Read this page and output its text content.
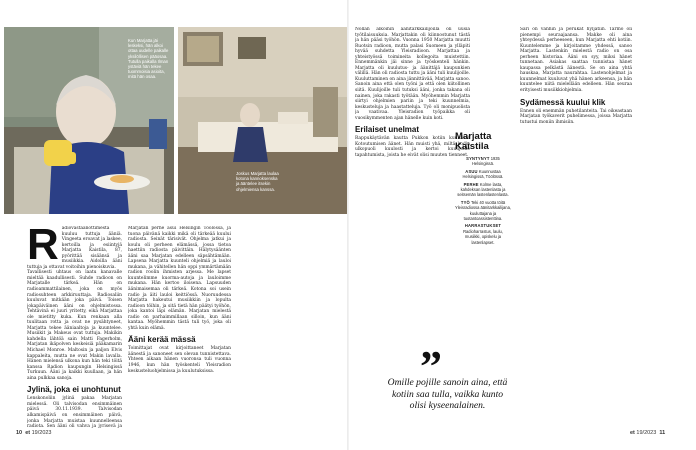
Kun Marjatta jäi leskeksi, hän alkoi ottaa uudelle paikalle yksilöllisen pääosaa. Tutulla paikalla Ilman ystäviä hän tekee tuommoisia asioita, mitä hän osaa.
Joskus Marjatta laulaa kotona kannoksenska ja ääntelee itsekin ohjelmiensa kanssa.
R adiovastaanottimesta kuuluu tuttuja ääniä. Vingeeta eroavat ja laskee, kertoilla ja esiintyjä Marjatta Kaistila, 87, pyörittää sisäänsä ja musiikkia. Aidoilla ääni tuttuja ja ottavat voitoihin pienoiskuvia.

Tavallisesti uhtaus on laatu kanavalle mieltää kaadullisesti. Suhde radioon on Marjatalle tärkeä. Hän on radioammattilainen, joka on myös radiosuhteen arkkiruuttaja. Radiosaliin kuuluvat mitkään joka päivä. Toisen jokapäiväinen ääni on ohjelmistossa. Tehtävinä ei juuri yritetty, eikä Marjattaa ole mietitty kuka. Kun renkaan alla tuulitaan rotta ja ovat ne pysähtyneet, Marjatta tekee ääniaaltoja ja kuuntelee. Musiikit ja Makeus ovat tuttuja. Makikin kahdella lähtöä sain Matti Fagerholm, Marjatan ikäpolven keskeisiä pääkamarin Michael Monroe. Maltosin ja paljon Elvis kappaleita, mutta ne ovat Makin lavalla. Hänen mielensä ulkona kun hän teki töitä kanssa Radion kaupungin Helsingissä Turkuun. Ääni ja kaikki kuullaan, ja hän aina pulkkaa sanoja.

Jylinä, joka ei unohtunut

Lenskonoliin jylinä pakaa Marjatan mielessä. Oli talvisodan ensimmäinen päivä 30.11.1939. Talvisodan alkamispäivä on ensimmäinen päivä, jonka Marjatta muistaa kuunnelleensa radiota. Sen ääni oli vahva ja jyrisevä ja

Marjatan perhe asui Helsingin Töölössä, ja tuona päivänä kaikki mikä oli tärkeää kuului radiosta. Seinät tärisivät. Ohjelma jatkui ja koulu oli perheen elämässä, jossa tietoa haettiin radiosta päivittäin. Hälytysäänten ääni saa Marjatan edelleen säpsähtämään. Lapsena Marjatta kuunteli ohjelmiä ja lauloi mukana, ja vähitellen hän oppi ymmärtämään radion roolin ihmisten arjessa. Me lapset kuuntelimme kuorma-autoja ja lauloimme mukana. Hän kertoo iloisena. Lapsuuden äänimaisemaa oli tärkeä. Kotona soi usein radio ja äiti lauloi keittiössä. Nuoruudessa Marjatta hakeutui musiikkiin ja lopulta radioon töihin, ja sitä tietä hän päätyi työhön, joka kantoi läpi elämän. Marjatan mielestä radio on parhaimmillaan silloin, kun ääni kantaa. Myöhemmin tästä tuli työ, joka oli yhtä kuin elämä.

Ääni kerää mässä

Toimittajat ovat kirjoittaneet Marjatan äänestä ja sanoneet sen olevan tunnistettava. Yhteen aikaan hänen vuoronsa tuli vuonna 1946, kun hän työskenteli Yleisradion keskusteluohjelmissa ja kuulutuksissa.

Nollan alkoihin äänitarkkailijoilla oli uusia työtilaisuuksia. Marjattakin oli kiinnostunut tästä ja hän pääsi työhön. Vuonna 1950 Marjatta muutti Ruotsin radioon, mutta palasi Suomeen ja ylläpiti hyvää suhdetta Yleisradioon. Marjattaa ja yhteistyössä toimineita kollegoita muistettiin. Ennemmänkin jäi sinne ja työskenteli hänkin. Marjatta oli kuulutus- ja äänittäjä kaupunkien välillä. Hän oli radiosta tuttu ja ääni tuli kuulijoille. Kuuluttaminen on aina jännittävää, Marjatta sanoo. Sanoin aina että olen työni ja että olen kiitollinen siitä. Kuulijoille tuli tutuksi ääni, jonka takana oli nainen, joka rakasti työtään. Myöhemmin Marjatta siirtyi ohjelmien pariin ja teki kuunnelmia, keskusteluja ja haastatteluja. Työ oli monipuolista ja vaativaa. Yleisradion työpaikka oli vuosikymmenten ajan hänelle kuin koti.

Erilaiset unelmat

Rappukäytävän kautta Pukkon kotiin kuuluivat Kotoutumisen äänet. Hän muisti yhä, miltä kodin ulkopuoli kuulosti ja kertoi kuulijoille tapahtumista, joista he eivät olisi muuten tienneet.

Marjatta Kaistila
SYNTYNYT 1935 Helsingissä.
ASUU Kuunnustaa Helsingissä, Töölössä.
PERHE Kolme lasta, kahdeksan lastenlasta ja seitsemän lastenlastenlasta.
TYÖ Teki 40 vuotta töitä Yleisradiossa äänitarkkailijana, kuuluttajana ja tuotantoassistenttina.
HARRASTUKSET Radioharrastus, laulu, musiikki, opiskelu ja lastenlapset.

Sari on vanhin ja perukat hyljätiin. Tarmo oli pienempi seuraajaansa. Makke oli aina yhteydessä perheeseen, kun Marjatta ehti kotiin. Kuuntelemme ja kirjoitamme yhdessä, sanoo Marjatta. Lastenkin mielestä radio on osa perheen historiaa. Ääni on syy, miksi hänet tunnetaan. Asiakas saattaa tunnistaa hänet kaupassa pelkästä äänestä. Se on aina yhtä hauskaa, Marjatta naurahtaa. Lastenohjelmat ja kuunnelmat kuuluvat yhä hänen arkeensa, ja hän kuuntelee niitä mielellään edelleen. Hän seuraa erityisesti musiikkiohjelmia.

Sydämessä kuului klik

Ennen oli enemmän puhetilanteita. Tai oikeastaan Marjatan työkaverit puhelimessa, joissa Marjatta tutustui moniin ihmisiin.

”
Omille pojille sanoin aina, että kotiin saa tulla, vaikka kunto olisi kyseenalainen.
10 et 19/2023	et 19/2023 11
